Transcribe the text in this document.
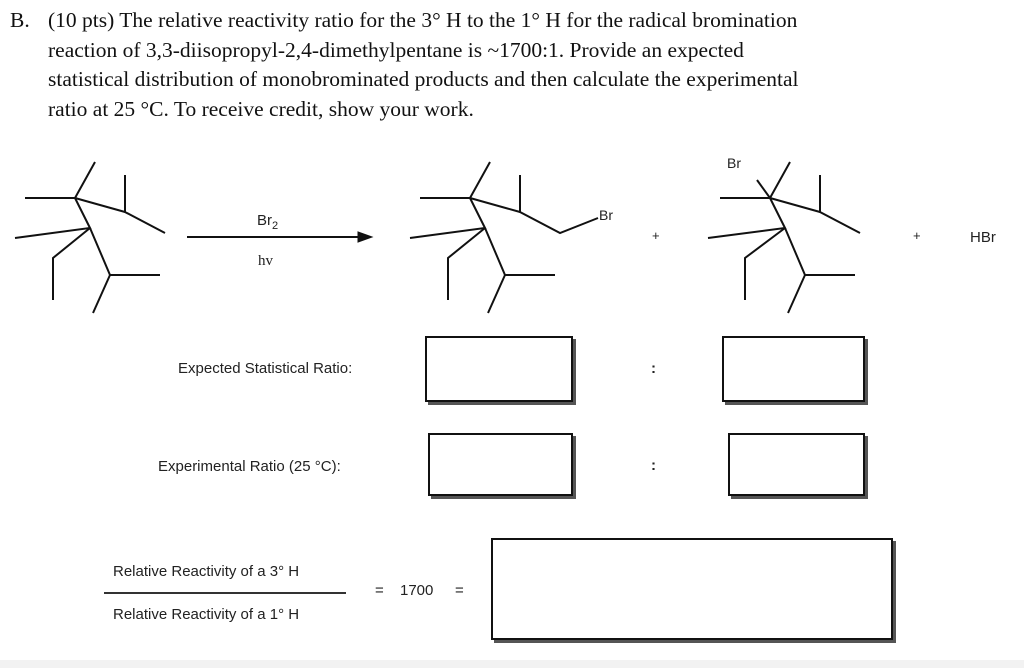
B. (10 pts) The relative reactivity ratio for the 3° H to the 1° H for the radical bromination
reaction of 3,3-diisopropyl-2,4-dimethylpentane is ~1700:1. Provide an expected
statistical distribution of monobrominated products and then calculate the experimental
ratio at 25 °C. To receive credit, show your work.
$Br_2$
hv
Br
Br
+	+	HBr
Expected Statistical Ratio:	:
Experimental Ratio (25 °C):	:
Relative Reactivity of a 3° H
Relative Reactivity of a 1° H
= 1700 =
